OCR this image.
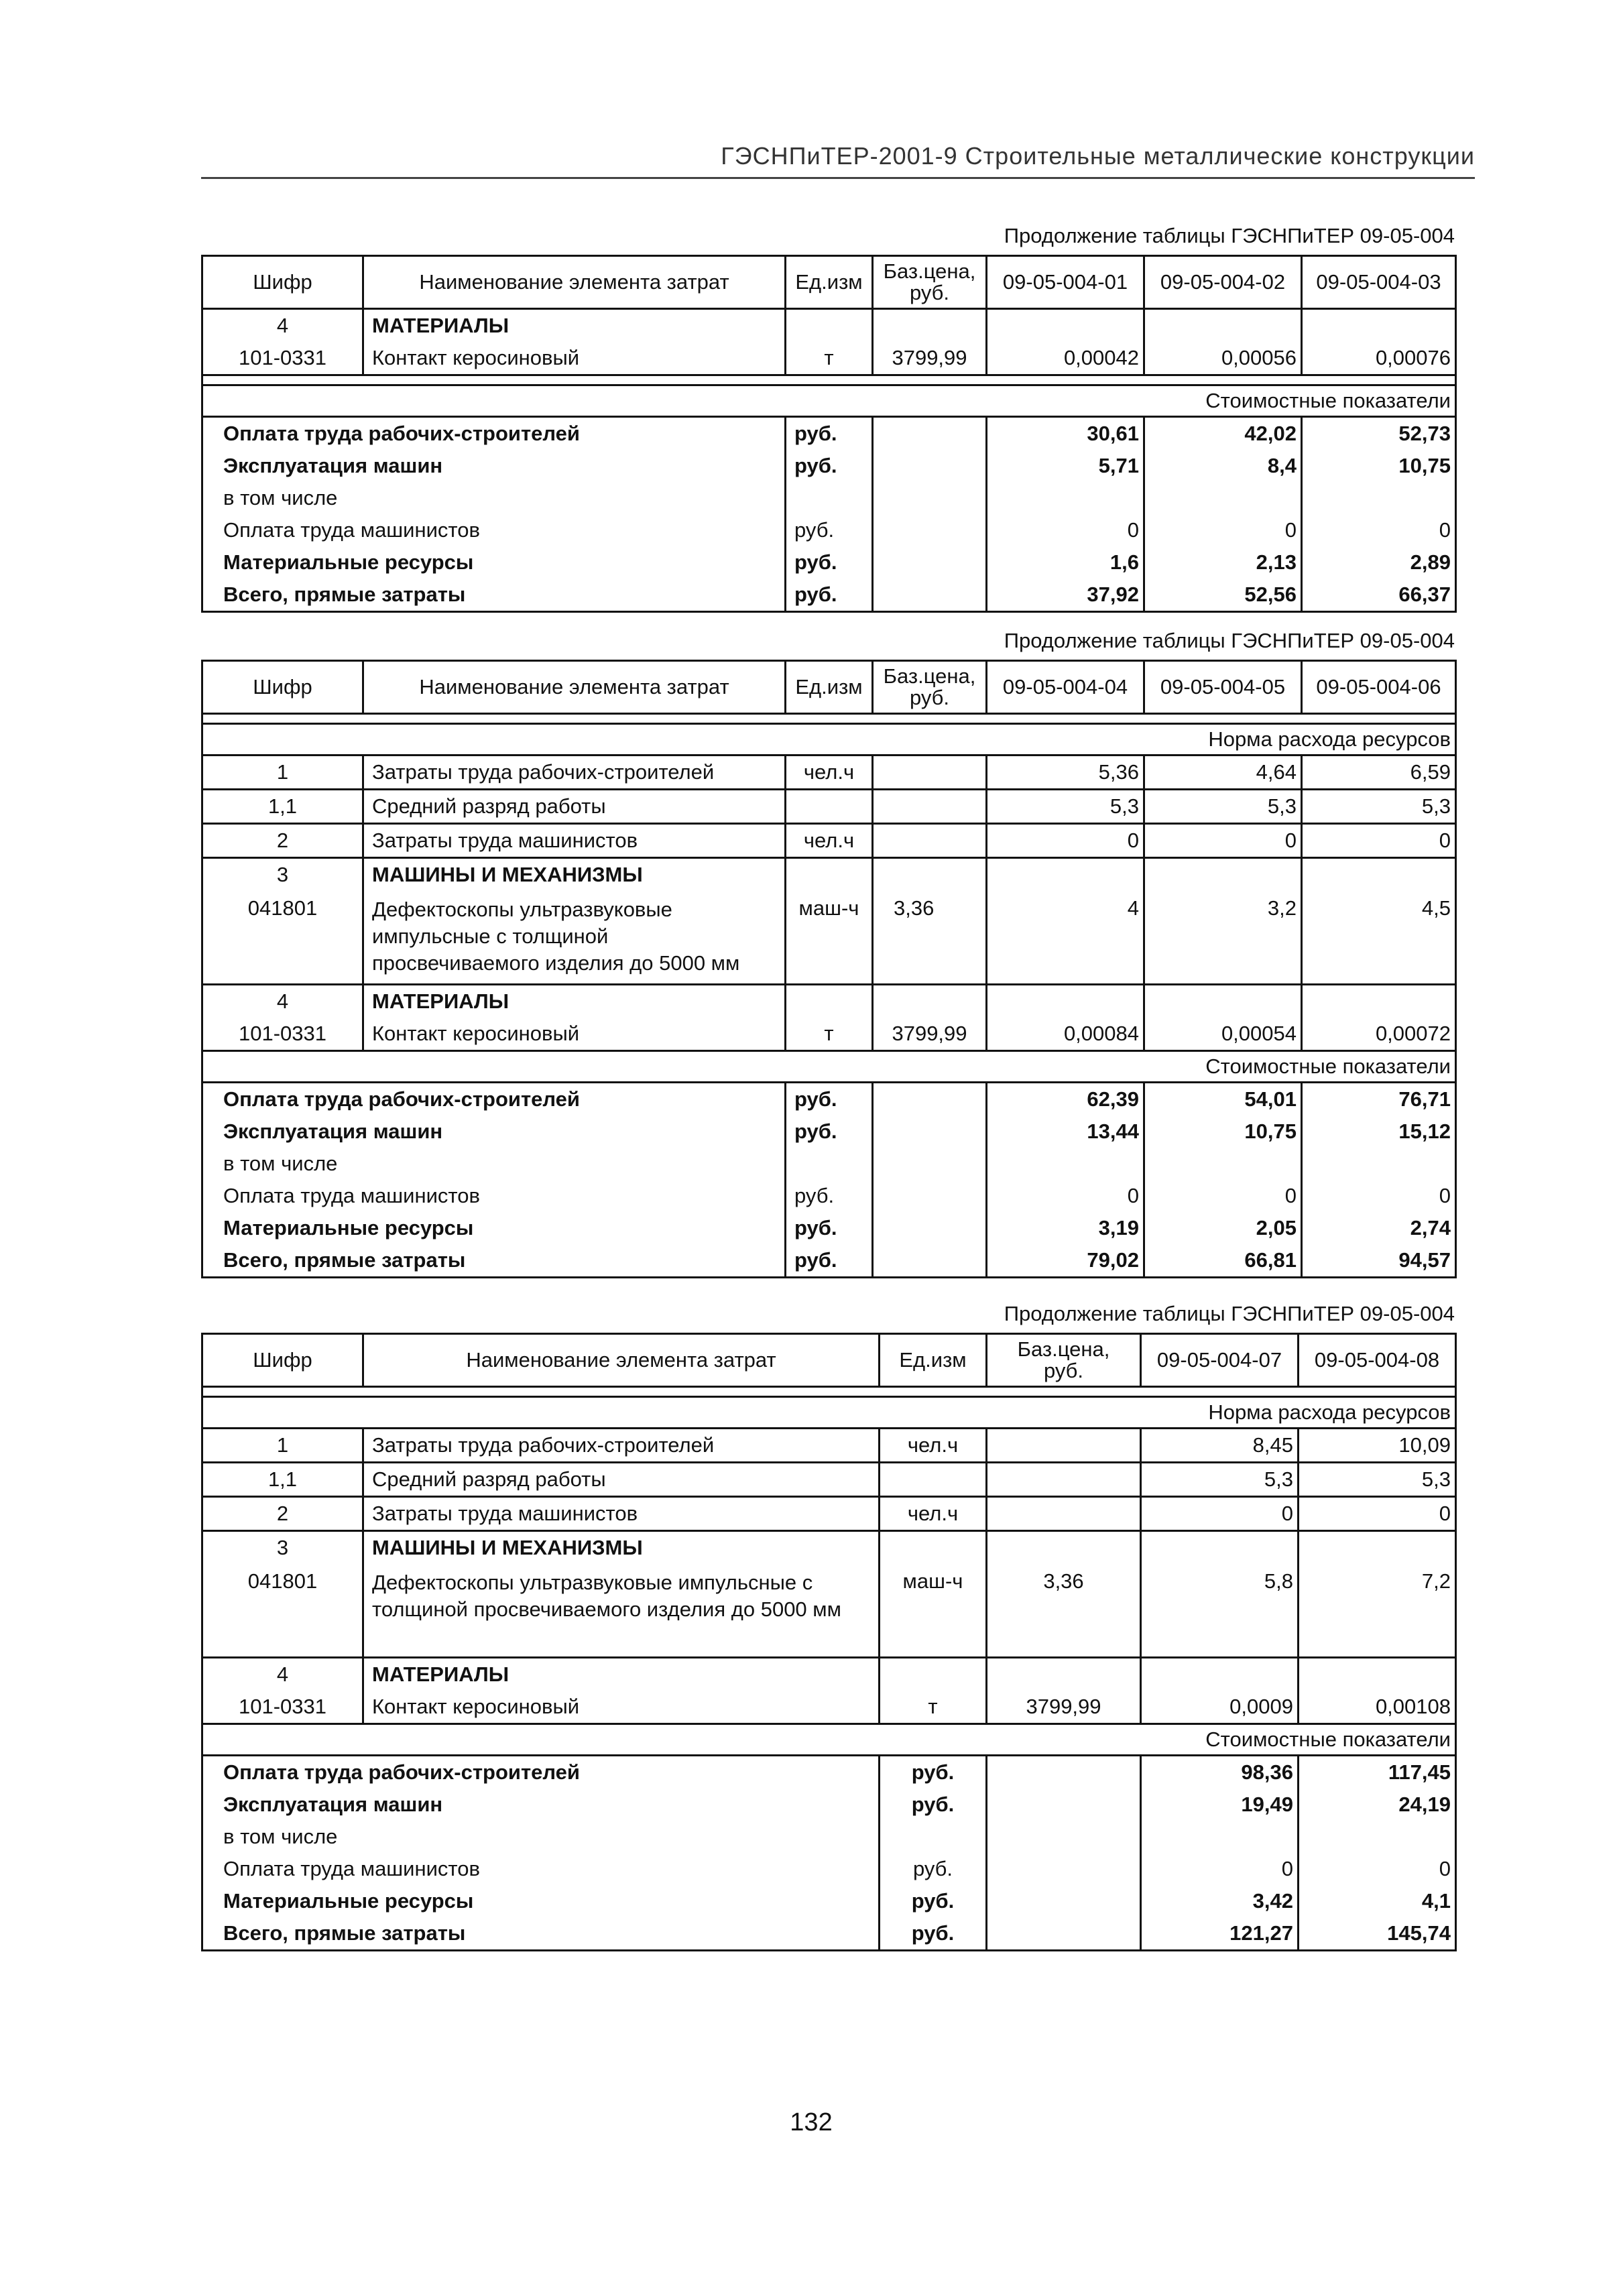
ГЭСНПиТЕР-2001-9 Строительные металлические конструкции
Продолжение таблицы ГЭСНПиТЕР 09-05-004
Шифр	Наименование элемента затрат	Ед.изм	Баз.цена, руб.	09-05-004-01	09-05-004-02	09-05-004-03
4	МАТЕРИАЛЫ					
101-0331	Контакт керосиновый	т	3799,99	0,00042	0,00056	0,00076

Стоимостные показатели						
Оплата труда рабочих-строителей		руб.		30,61	42,02	52,73
Эксплуатация машин		руб.		5,71	8,4	10,75
в том числе						
Оплата труда машинистов		руб.		0	0	0
Материальные ресурсы		руб.		1,6	2,13	2,89
Всего, прямые затраты		руб.		37,92	52,56	66,37
Продолжение таблицы ГЭСНПиТЕР 09-05-004
Шифр	Наименование элемента затрат	Ед.изм	Баз.цена, руб.	09-05-004-04	09-05-004-05	09-05-004-06

Норма расхода ресурсов						
1	Затраты труда рабочих-строителей	чел.ч		5,36	4,64	6,59
1,1	Средний разряд работы			5,3	5,3	5,3
2	Затраты труда машинистов	чел.ч		0	0	0
3	МАШИНЫ И МЕХАНИЗМЫ					
041801	Дефектоскопы ультразвуковые импульсные с толщиной просвечиваемого изделия до 5000 мм	маш-ч	3,36	4	3,2	4,5
4	МАТЕРИАЛЫ					
101-0331	Контакт керосиновый	т	3799,99	0,00084	0,00054	0,00072
Стоимостные показатели						
Оплата труда рабочих-строителей		руб.		62,39	54,01	76,71
Эксплуатация машин		руб.		13,44	10,75	15,12
в том числе						
Оплата труда машинистов		руб.		0	0	0
Материальные ресурсы		руб.		3,19	2,05	2,74
Всего, прямые затраты		руб.		79,02	66,81	94,57
Продолжение таблицы ГЭСНПиТЕР 09-05-004
Шифр	Наименование элемента затрат	Ед.изм	Баз.цена, руб.	09-05-004-07	09-05-004-08

Норма расхода ресурсов					
1	Затраты труда рабочих-строителей	чел.ч		8,45	10,09
1,1	Средний разряд работы			5,3	5,3
2	Затраты труда машинистов	чел.ч		0	0
3	МАШИНЫ И МЕХАНИЗМЫ				
041801	Дефектоскопы ультразвуковые импульсные с толщиной просвечиваемого изделия до 5000 мм	маш-ч	3,36	5,8	7,2
4	МАТЕРИАЛЫ				
101-0331	Контакт керосиновый	т	3799,99	0,0009	0,00108
Стоимостные показатели					
Оплата труда рабочих-строителей		руб.		98,36	117,45
Эксплуатация машин		руб.		19,49	24,19
в том числе					
Оплата труда машинистов		руб.		0	0
Материальные ресурсы		руб.		3,42	4,1
Всего, прямые затраты		руб.		121,27	145,74
132
